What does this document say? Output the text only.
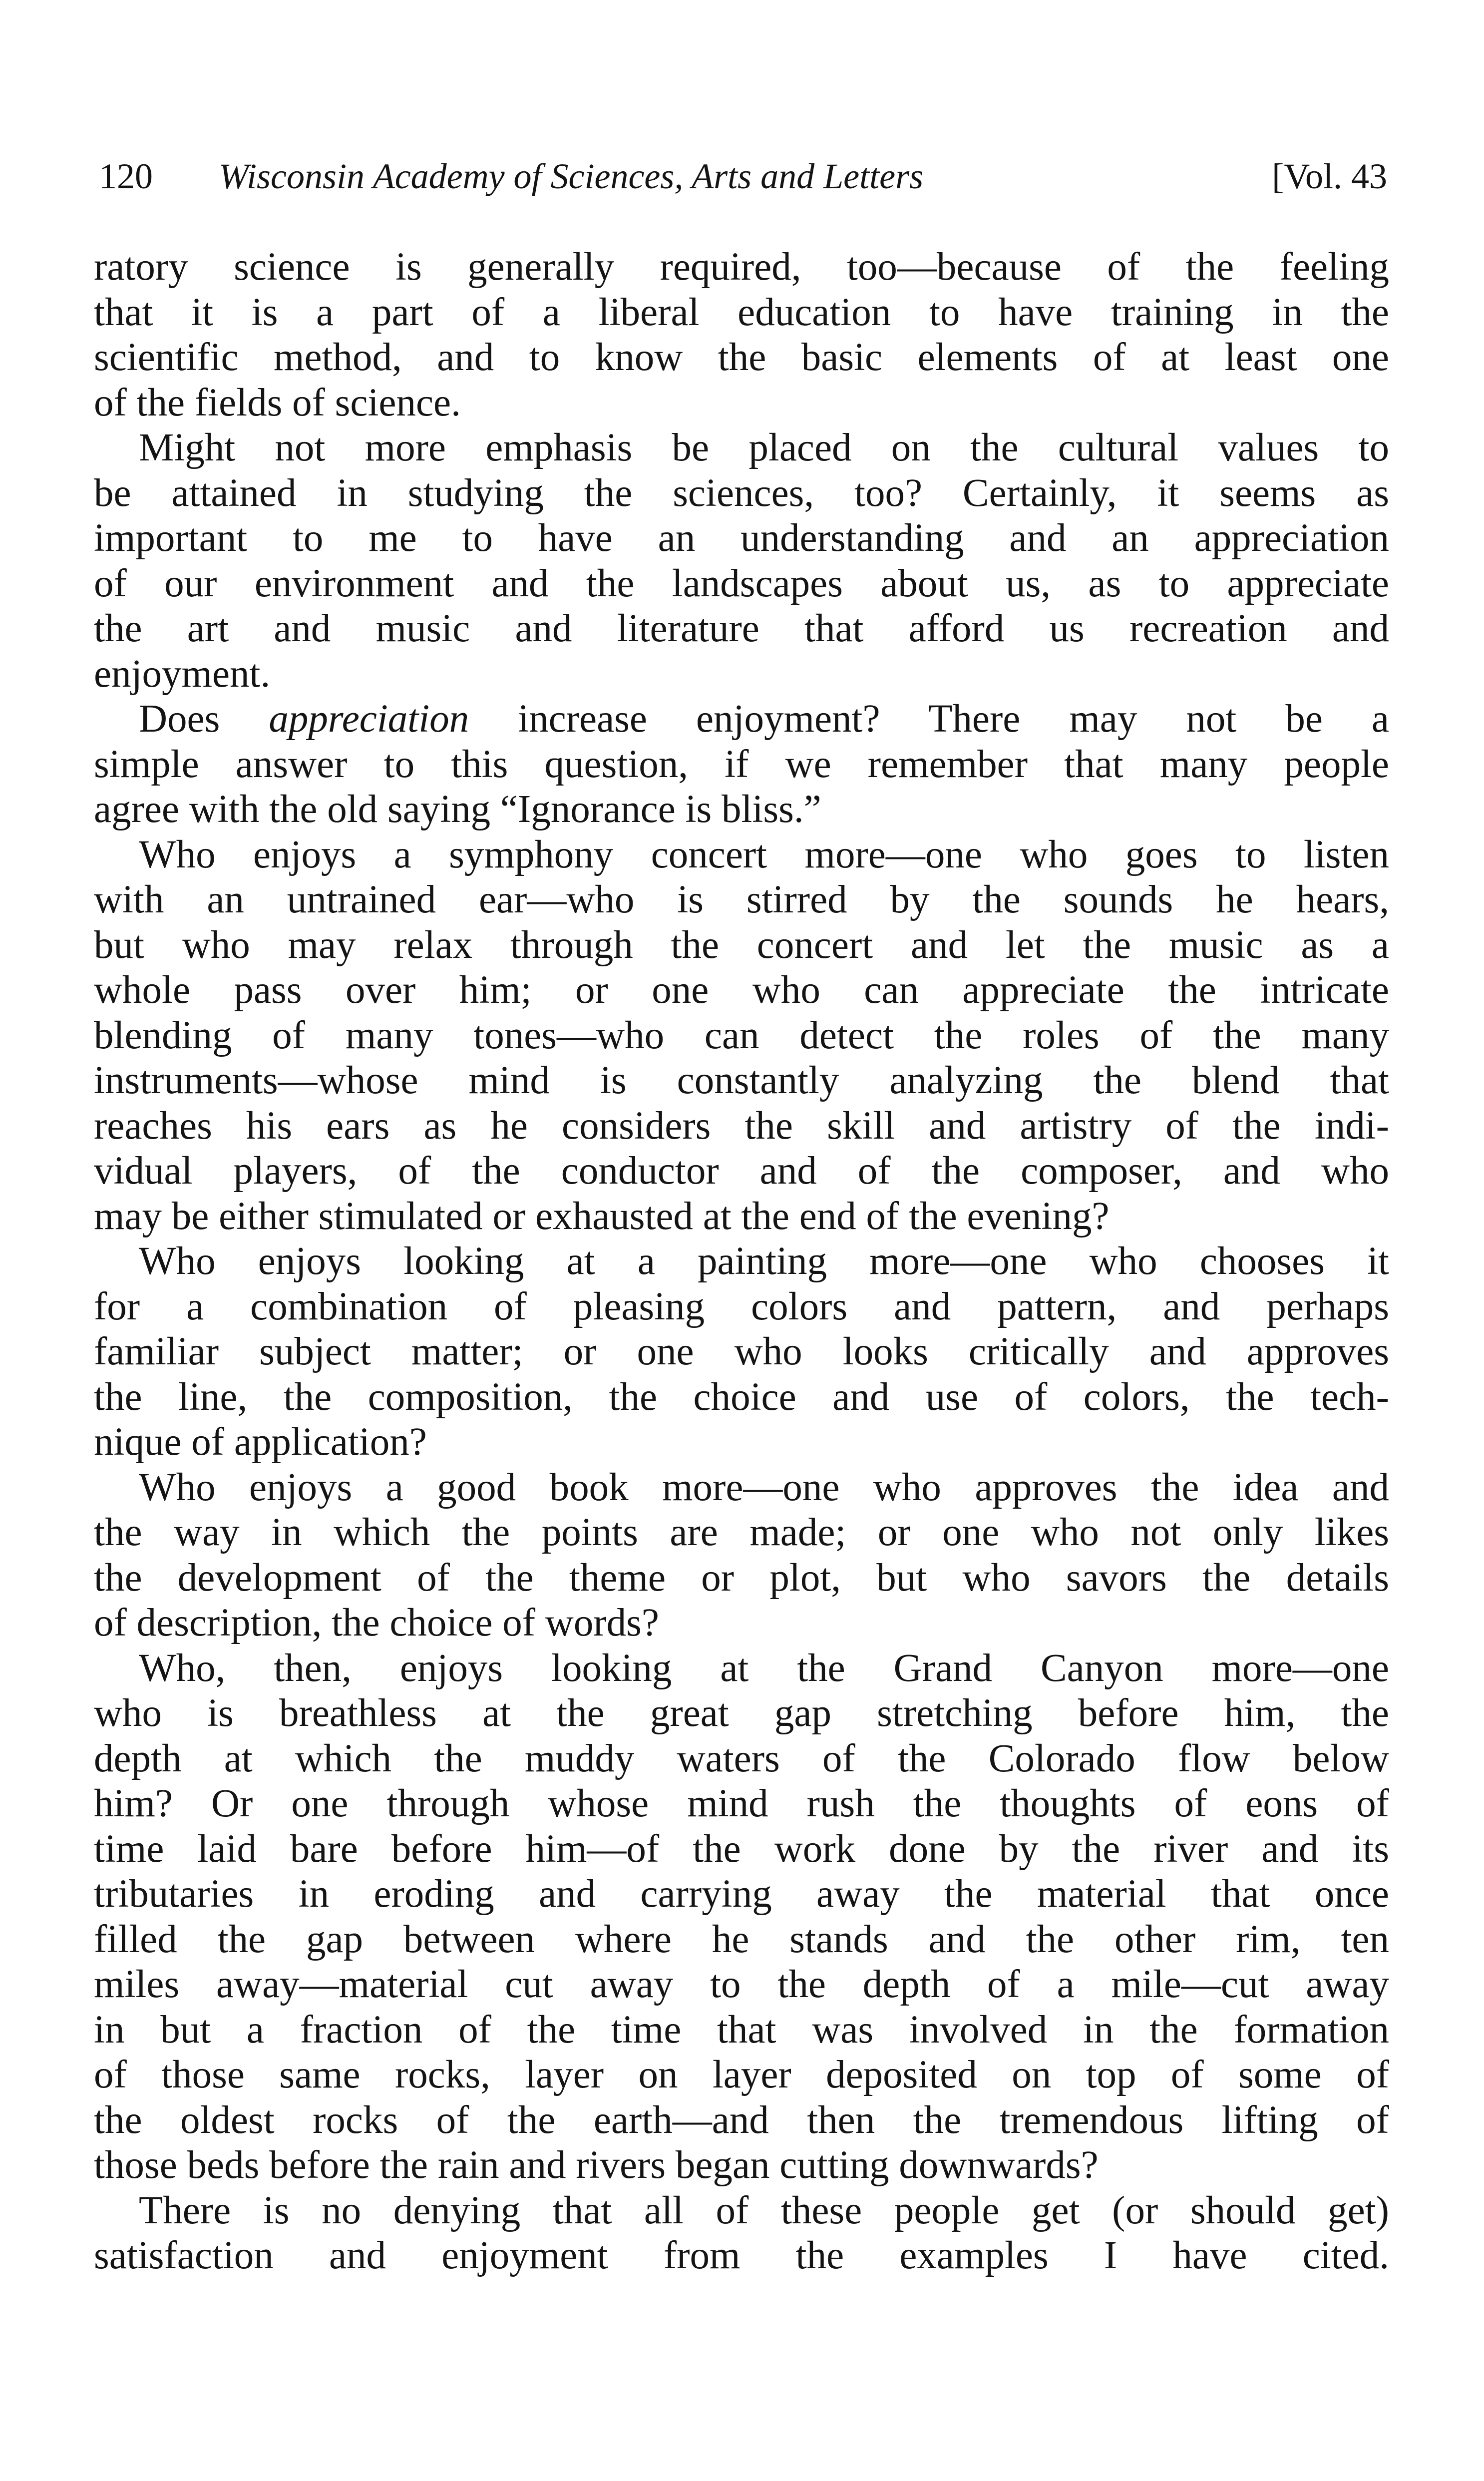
120 Wisconsin Academy of Sciences, Arts and Letters	[Vol. 43

ratory science is generally required, too—because of the feeling
that it is a part of a liberal education to have training in the
scientific method, and to know the basic elements of at least one
of the fields of science.

Might not more emphasis be placed on the cultural values to
be attained in studying the sciences, too? Certainly, it seems as
important to me to have an understanding and an appreciation
of our environment and the landscapes about us, as to appreciate
the art and music and literature that afford us recreation and
enjoyment.

Does appreciation increase enjoyment? There may not be a
simple answer to this question, if we remember that many people
agree with the old saying “Ignorance is bliss.”

Who enjoys a symphony concert more—one who goes to listen
with an untrained ear—who is stirred by the sounds he hears,
but who may relax through the concert and let the music as a
whole pass over him; or one who can appreciate the intricate
blending of many tones—who can detect the roles of the many
instruments—whose mind is constantly analyzing the blend that
reaches his ears as he considers the skill and artistry of the indi-
vidual players, of the conductor and of the composer, and who
may be either stimulated or exhausted at the end of the evening?

Who enjoys looking at a painting more—one who chooses it
for a combination of pleasing colors and pattern, and perhaps
familiar subject matter; or one who looks critically and approves
the line, the composition, the choice and use of colors, the tech-
nique of application?

Who enjoys a good book more—one who approves the idea and
the way in which the points are made; or one who not only likes
the development of the theme or plot, but who savors the details
of description, the choice of words?

Who, then, enjoys looking at the Grand Canyon more—one
who is breathless at the great gap stretching before him, the
depth at which the muddy waters of the Colorado flow below
him? Or one through whose mind rush the thoughts of eons of
time laid bare before him—of the work done by the river and its
tributaries in eroding and carrying away the material that once
filled the gap between where he stands and the other rim, ten
miles away—material cut away to the depth of a mile—cut away
in but a fraction of the time that was involved in the formation
of those same rocks, layer on layer deposited on top of some of
the oldest rocks of the earth—and then the tremendous lifting of
those beds before the rain and rivers began cutting downwards?

There is no denying that all of these people get (or should get)
satisfaction and enjoyment from the examples I have cited.
